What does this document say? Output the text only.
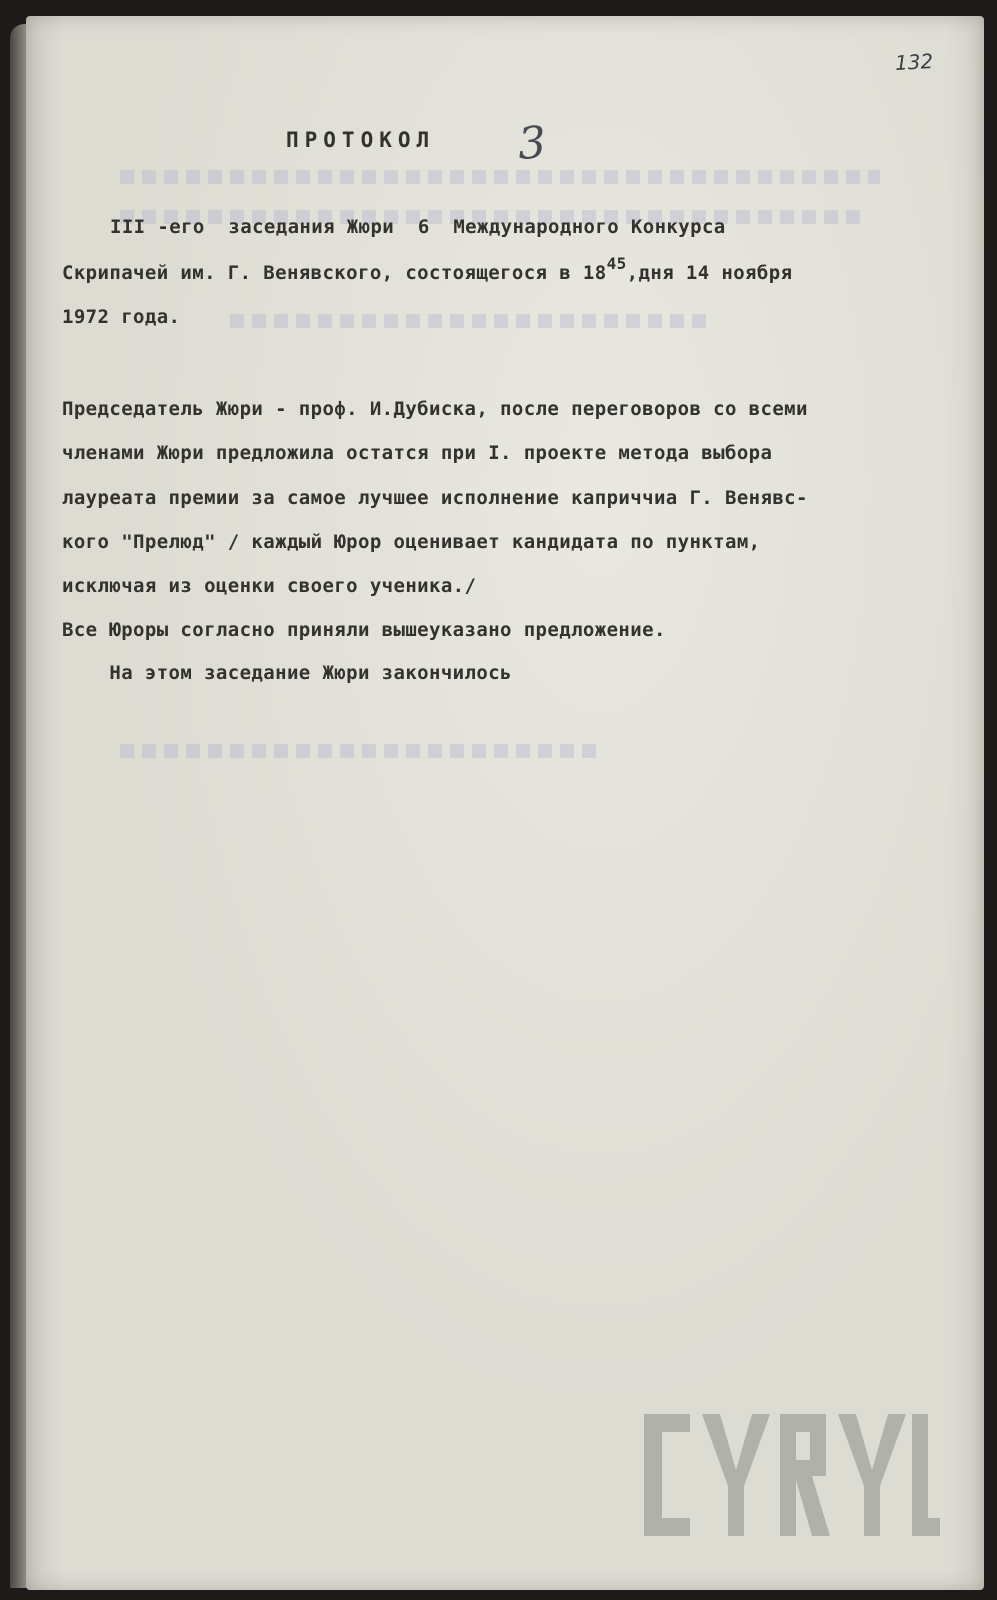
132
ПРОТОКОЛ 3
III -его  заседания Жюри  6  Международного Конкурса
Скрипачей им. Г. Венявского, состоящегося в $18^{45},дня$ 14 ноября
1972 года.
Председатель Жюри - проф. И.Дубиска, после переговоров со всеми
членами Жюри предложила остатся при I. проекте метода выбора
лауреата премии за самое лучшее исполнение каприччиа Г. Венявс-
кого "Прелюд" / каждый Юрор оценивает кандидата по пунктам,
исключая из оценки своего ученика./
Все Юроры согласно приняли вышеуказано предложение.
На этом заседание Жюри закончилось
